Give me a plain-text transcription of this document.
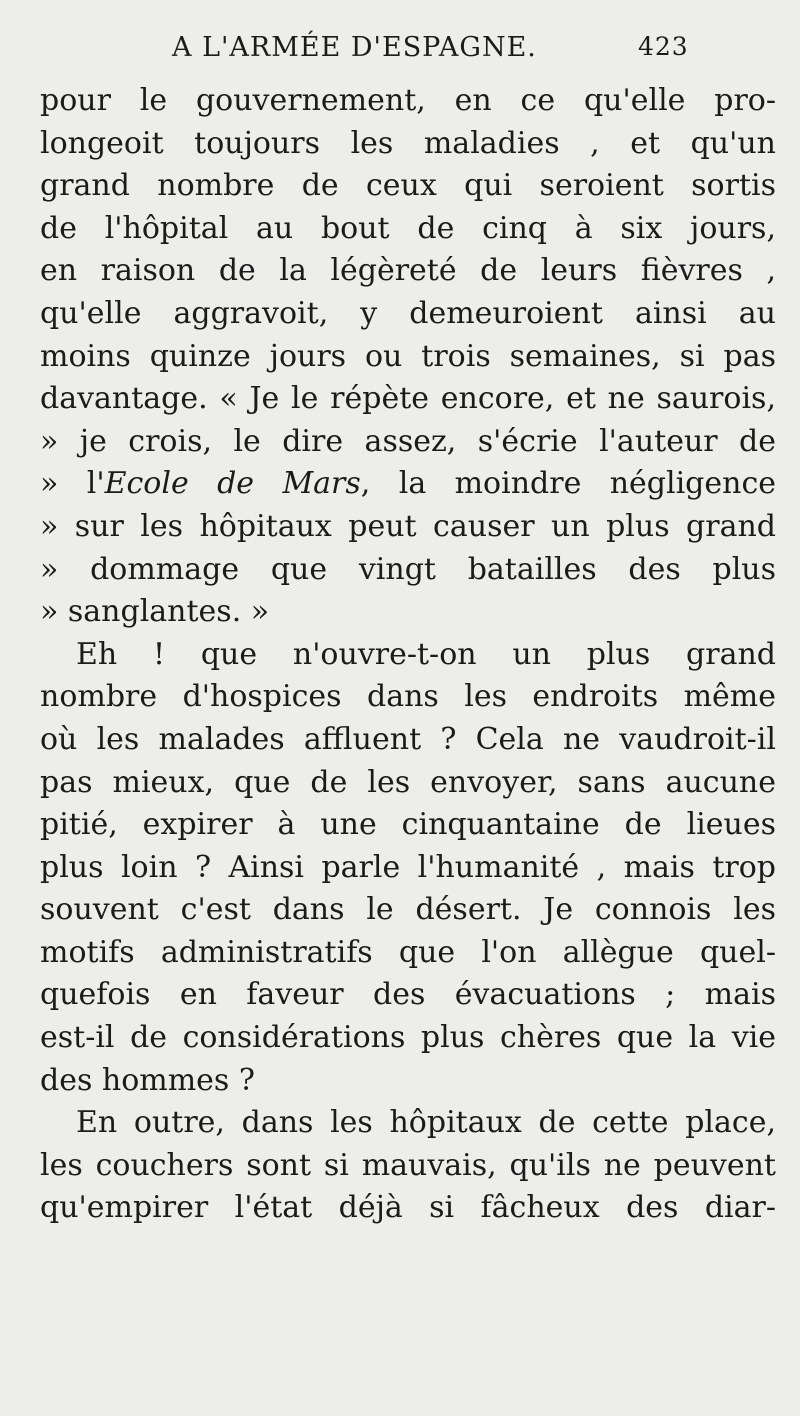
A L'ARMÉE D'ESPAGNE.	423
pour le gouvernement, en ce qu'elle pro-
longeoit toujours les maladies , et qu'un
grand nombre de ceux qui seroient sortis
de l'hôpital au bout de cinq à six jours,
en raison de la légèreté de leurs fièvres ,
qu'elle aggravoit, y demeuroient ainsi au
moins quinze jours ou trois semaines, si pas
davantage. « Je le répète encore, et ne saurois,
» je crois, le dire assez, s'écrie l'auteur de
» l'Ecole de Mars, la moindre négligence
» sur les hôpitaux peut causer un plus grand
» dommage que vingt batailles des plus
» sanglantes. »
Eh ! que n'ouvre-t-on un plus grand
nombre d'hospices dans les endroits même
où les malades affluent ? Cela ne vaudroit-il
pas mieux, que de les envoyer, sans aucune
pitié, expirer à une cinquantaine de lieues
plus loin ? Ainsi parle l'humanité , mais trop
souvent c'est dans le désert. Je connois les
motifs administratifs que l'on allègue quel-
quefois en faveur des évacuations ; mais
est-il de considérations plus chères que la vie
des hommes ?
En outre, dans les hôpitaux de cette place,
les couchers sont si mauvais, qu'ils ne peuvent
qu'empirer l'état déjà si fâcheux des diar-
